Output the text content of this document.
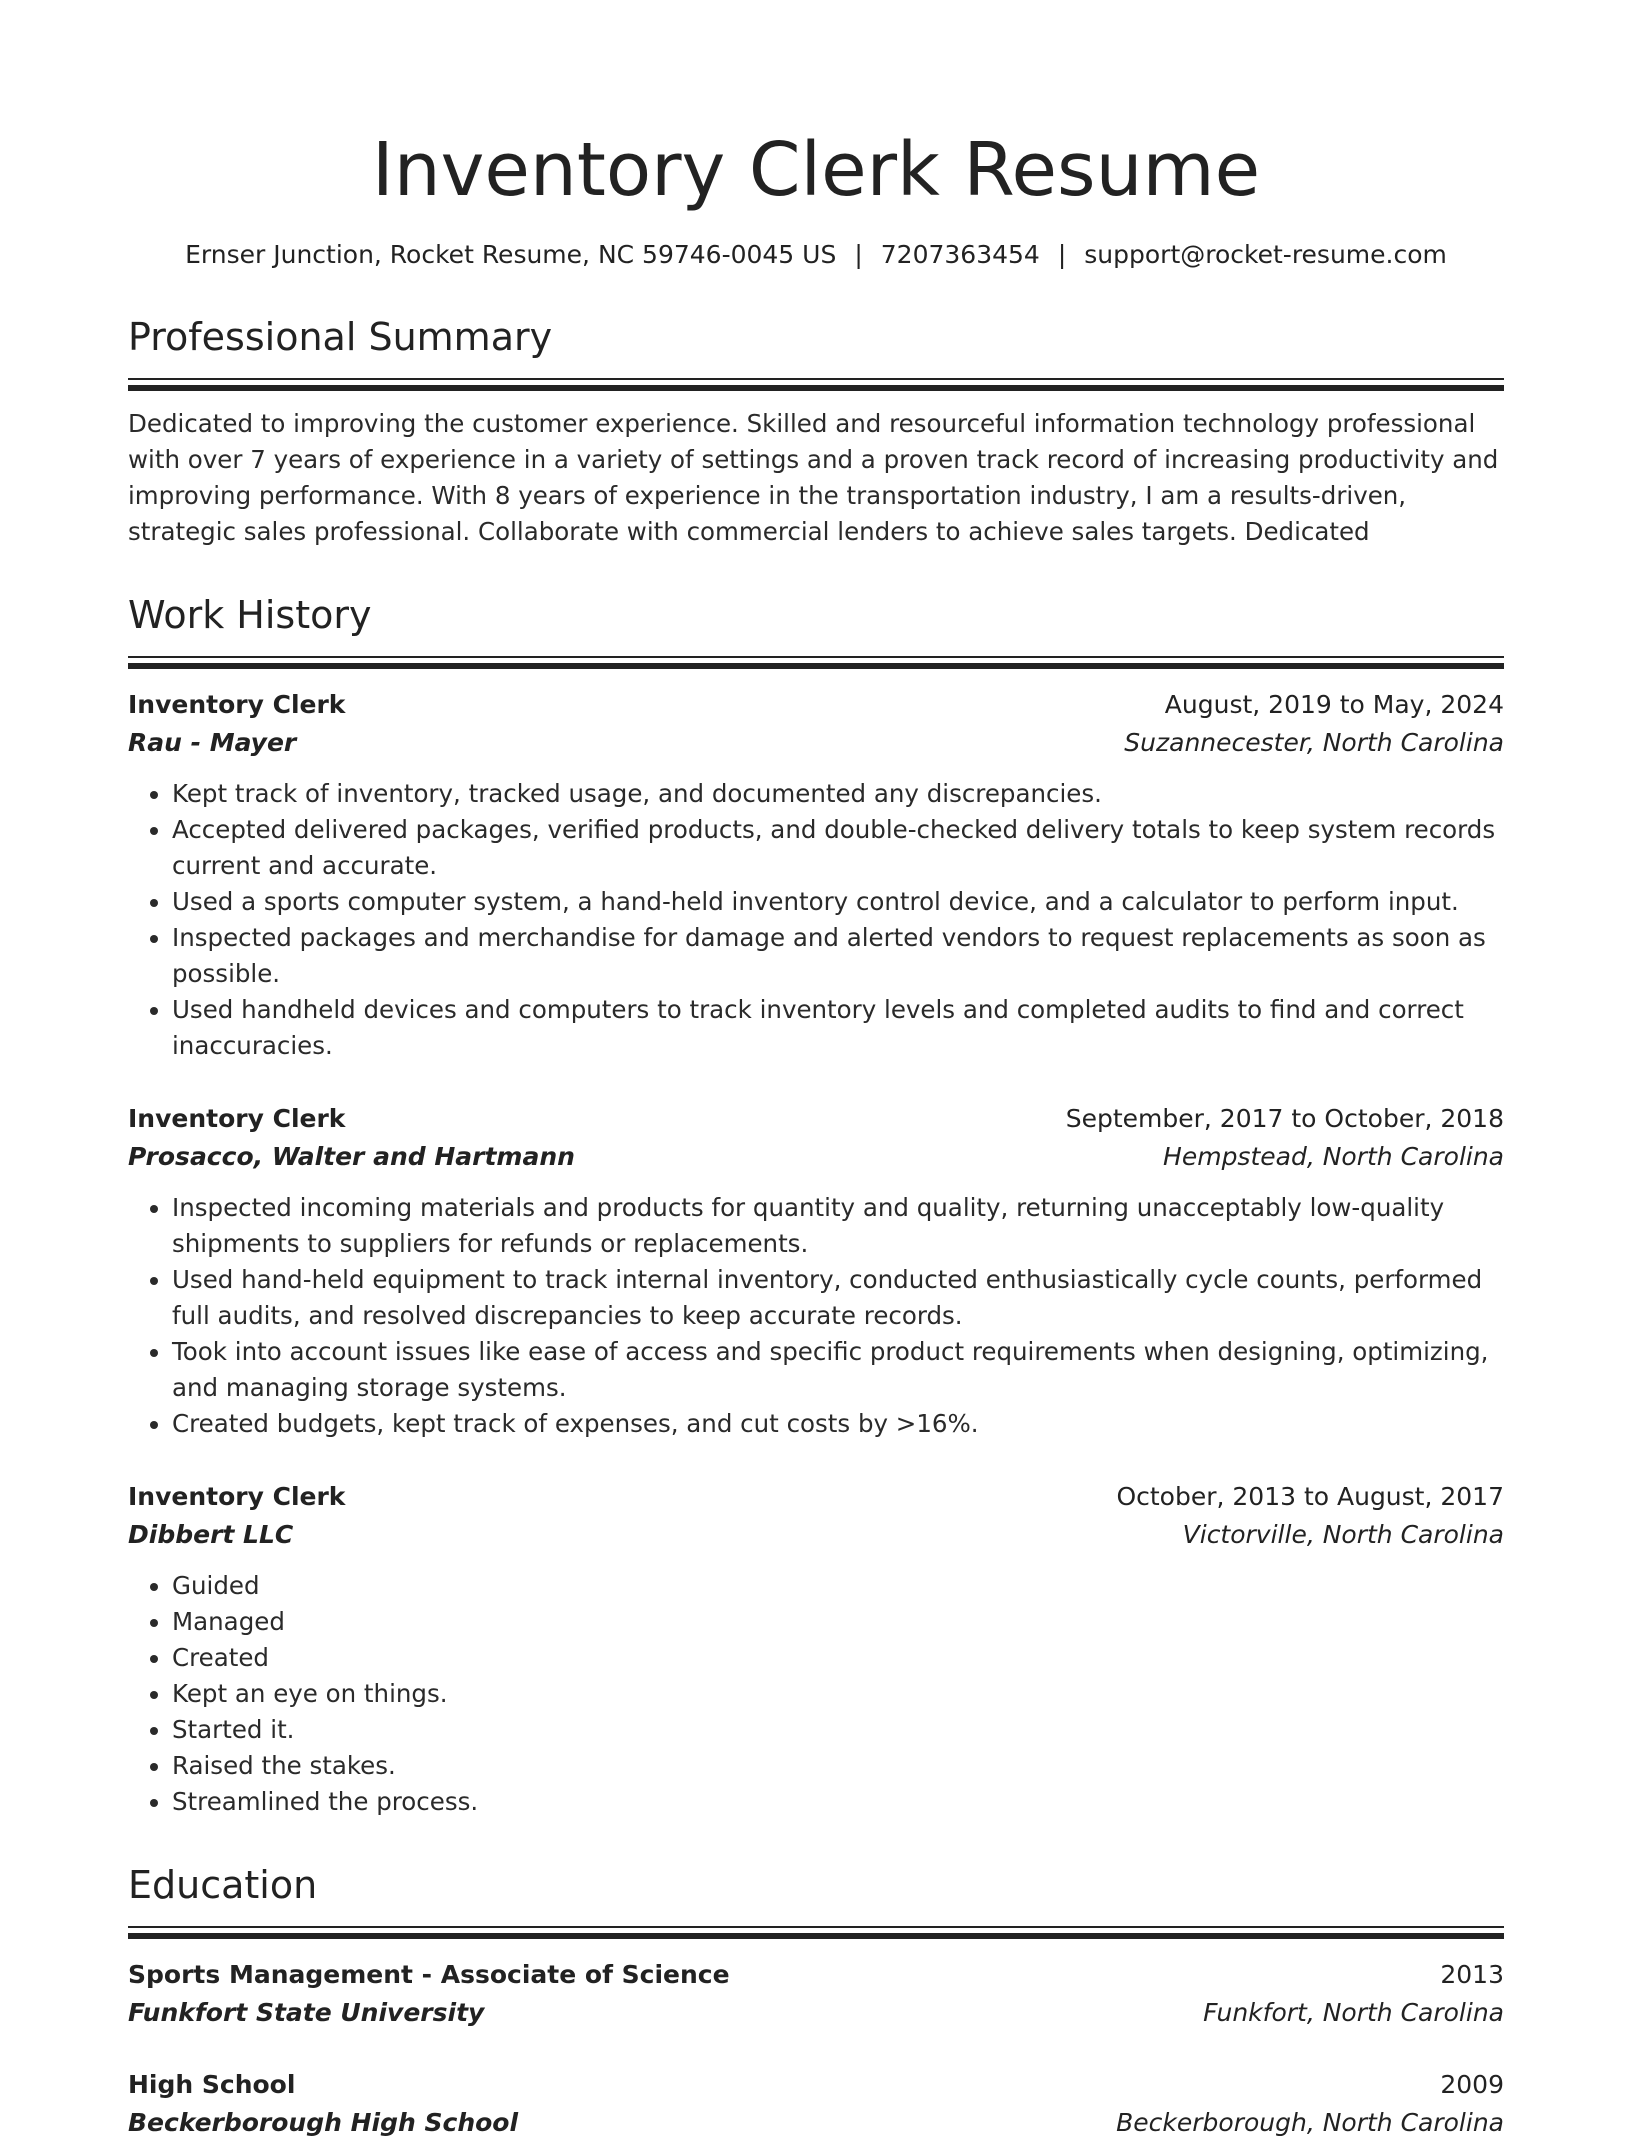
Inventory Clerk Resume
Ernser Junction, Rocket Resume, NC 59746-0045 US | 7207363454 | support@rocket-resume.com
Professional Summary
Dedicated to improving the customer experience. Skilled and resourceful information technology professional with over 7 years of experience in a variety of settings and a proven track record of increasing productivity and improving performance. With 8 years of experience in the transportation industry, I am a results-driven, strategic sales professional. Collaborate with commercial lenders to achieve sales targets. Dedicated
Work History
Inventory Clerk	August, 2019 to May, 2024
Rau - Mayer	Suzannecester, North Carolina
• Kept track of inventory, tracked usage, and documented any discrepancies.
• Accepted delivered packages, verified products, and double-checked delivery totals to keep system records current and accurate.
• Used a sports computer system, a hand-held inventory control device, and a calculator to perform input.
• Inspected packages and merchandise for damage and alerted vendors to request replacements as soon as possible.
• Used handheld devices and computers to track inventory levels and completed audits to find and correct inaccuracies.
Inventory Clerk	September, 2017 to October, 2018
Prosacco, Walter and Hartmann	Hempstead, North Carolina
• Inspected incoming materials and products for quantity and quality, returning unacceptably low-quality shipments to suppliers for refunds or replacements.
• Used hand-held equipment to track internal inventory, conducted enthusiastically cycle counts, performed full audits, and resolved discrepancies to keep accurate records.
• Took into account issues like ease of access and specific product requirements when designing, optimizing, and managing storage systems.
• Created budgets, kept track of expenses, and cut costs by >16%.
Inventory Clerk	October, 2013 to August, 2017
Dibbert LLC	Victorville, North Carolina
• Guided
• Managed
• Created
• Kept an eye on things.
• Started it.
• Raised the stakes.
• Streamlined the process.
Education
Sports Management - Associate of Science	2013
Funkfort State University	Funkfort, North Carolina
High School	2009
Beckerborough High School	Beckerborough, North Carolina
